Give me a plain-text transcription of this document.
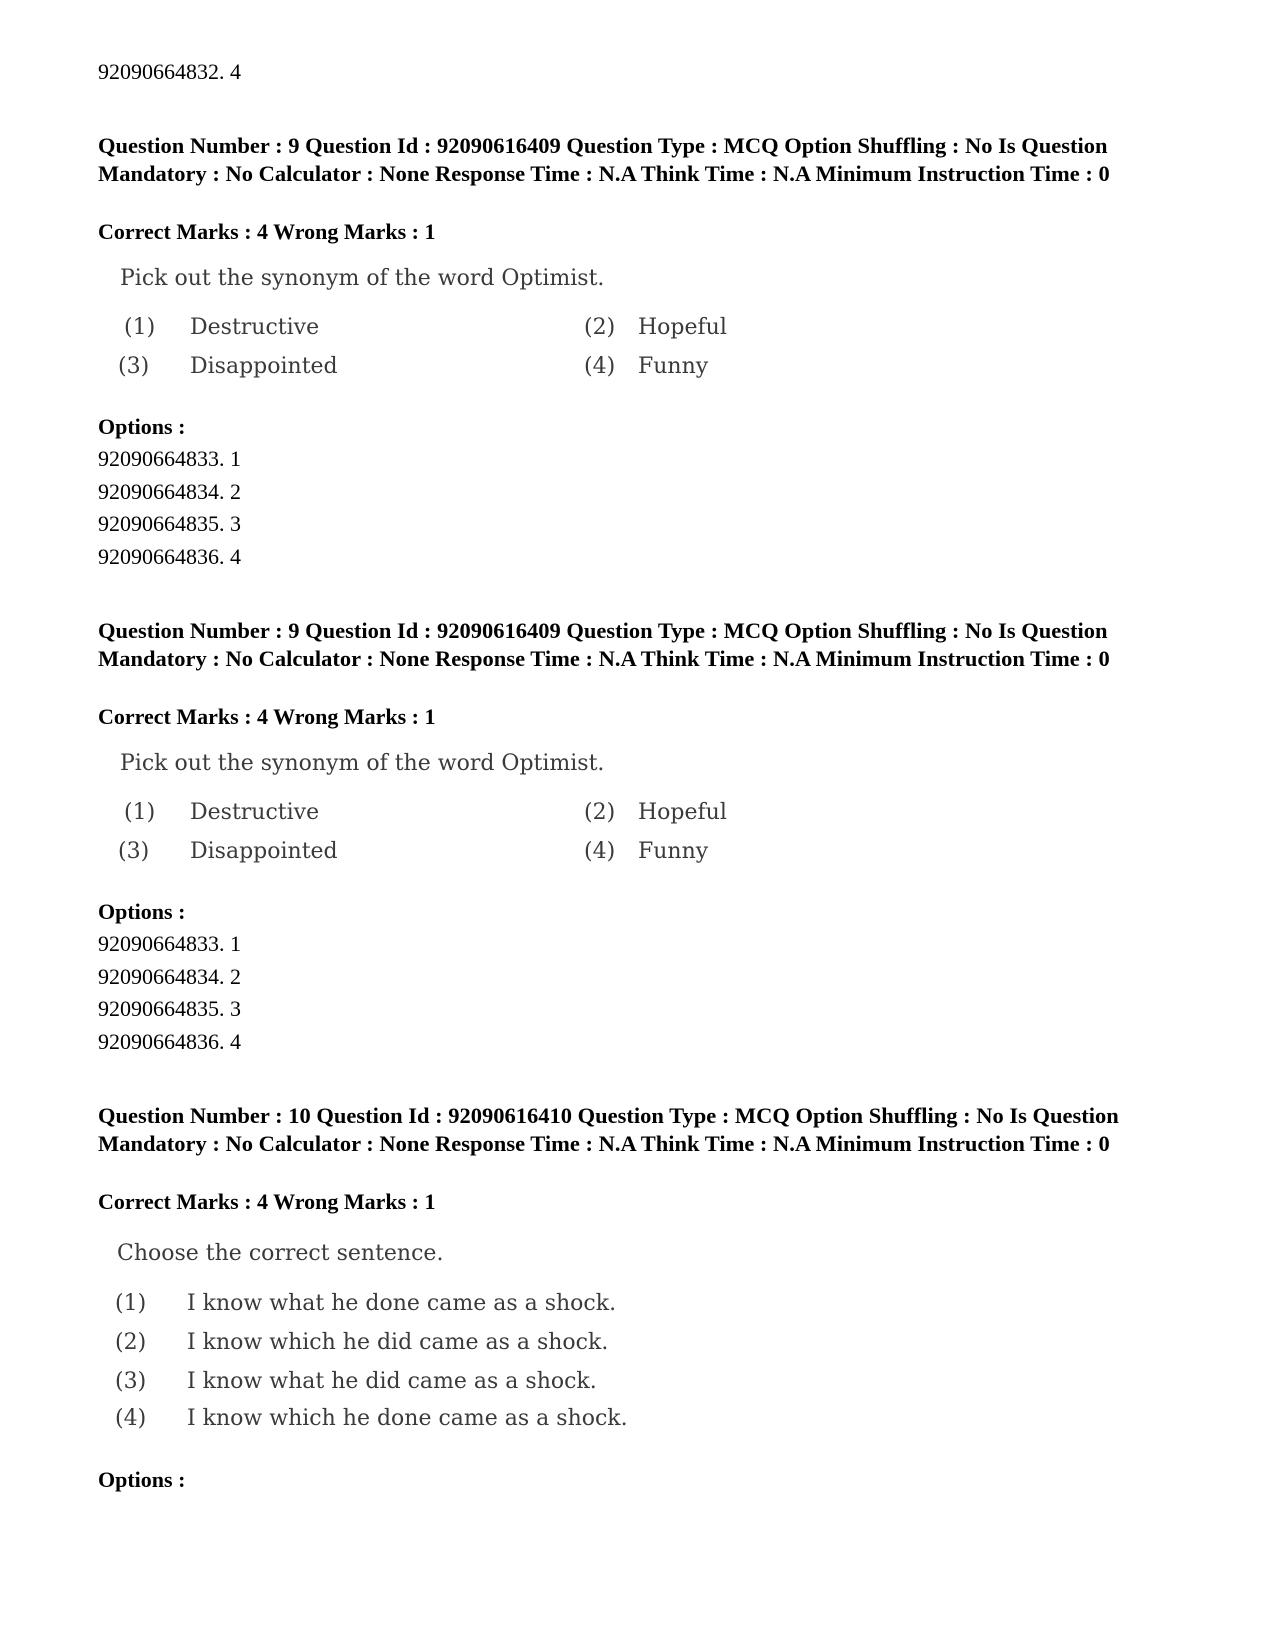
92090664832. 4
Question Number : 9 Question Id : 92090616409 Question Type : MCQ Option Shuffling : No Is Question Mandatory : No Calculator : None Response Time : N.A Think Time : N.A Minimum Instruction Time : 0
Correct Marks : 4 Wrong Marks : 1
Pick out the synonym of the word Optimist.
(1) Destructive	(2) Hopeful
(3) Disappointed	(4) Funny
Options :
92090664833. 1
92090664834. 2
92090664835. 3
92090664836. 4
Question Number : 9 Question Id : 92090616409 Question Type : MCQ Option Shuffling : No Is Question Mandatory : No Calculator : None Response Time : N.A Think Time : N.A Minimum Instruction Time : 0
Correct Marks : 4 Wrong Marks : 1
Pick out the synonym of the word Optimist.
(1) Destructive	(2) Hopeful
(3) Disappointed	(4) Funny
Options :
92090664833. 1
92090664834. 2
92090664835. 3
92090664836. 4
Question Number : 10 Question Id : 92090616410 Question Type : MCQ Option Shuffling : No Is Question Mandatory : No Calculator : None Response Time : N.A Think Time : N.A Minimum Instruction Time : 0
Correct Marks : 4 Wrong Marks : 1
Choose the correct sentence.
(1) I know what he done came as a shock.
(2) I know which he did came as a shock.
(3) I know what he did came as a shock.
(4) I know which he done came as a shock.
Options :
